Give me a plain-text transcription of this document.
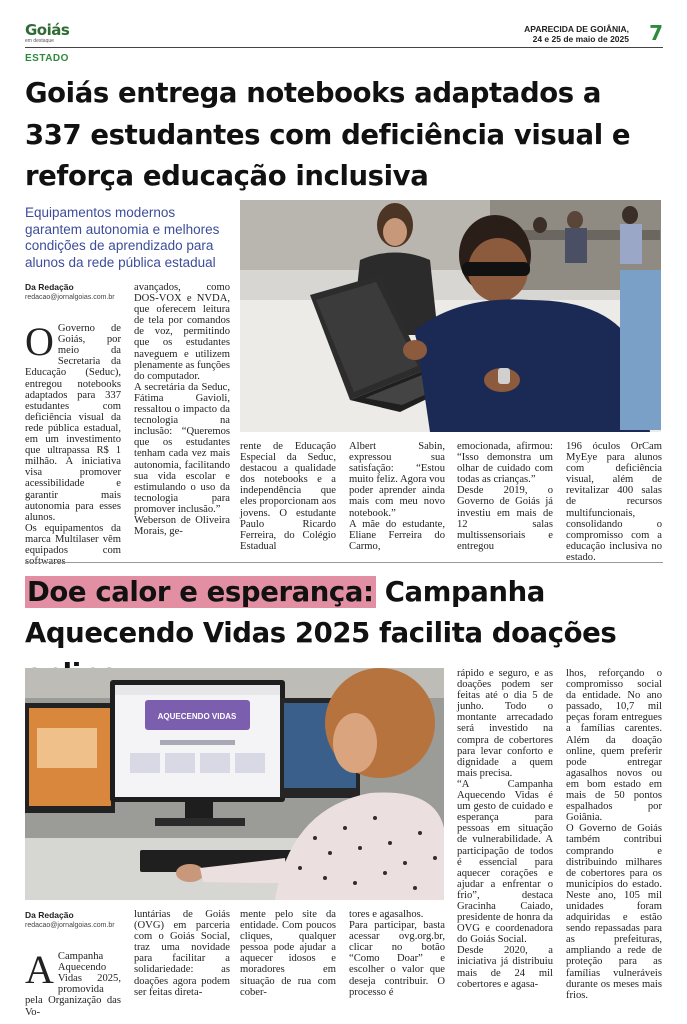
Goiás
em destaque
APARECIDA DE GOIÂNIA,
24 e 25 de maio de 2025 7
ESTADO
Goiás entrega notebooks adaptados a 337 estudantes com deficiência visual e reforça educação inclusiva
Equipamentos modernos garantem autonomia e melhores condições de aprendizado para alunos da rede pública estadual
Da Redação
redacao@jornalgoias.com.br

O Governo de Goiás, por meio da Secretaria da Educação (Seduc), entregou notebooks adaptados para 337 estudantes com deficiência visual da rede pública estadual, em um investimento que ultrapassa R$ 1 milhão. A iniciativa visa promover acessibilidade e garantir mais autonomia para esses alunos.
Os equipamentos da marca Multilaser vêm equipados com softwares

avançados, como DOS-VOX e NVDA, que oferecem leitura de tela por comandos de voz, permitindo que os estudantes naveguem e utilizem plenamente as funções do computador.
A secretária da Seduc, Fátima Gavioli, ressaltou o impacto da tecnologia na inclusão: “Queremos que os estudantes tenham cada vez mais autonomia, facilitando sua vida escolar e estimulando o uso da tecnologia para promover inclusão.”
Weberson de Oliveira Morais, ge-
rente de Educação Especial da Seduc, destacou a qualidade dos notebooks e a independência que eles proporcionam aos jovens. O estudante Paulo Ricardo Ferreira, do Colégio Estadual
Albert Sabin, expressou sua satisfação: “Estou muito feliz. Agora vou poder aprender ainda mais com meu novo notebook.”
A mãe do estudante, Eliane Ferreira do Carmo,
emocionada, afirmou: “Isso demonstra um olhar de cuidado com todas as crianças.”
Desde 2019, o Governo de Goiás já investiu em mais de 12 salas multissensoriais e entregou
196 óculos OrCam MyEye para alunos com deficiência visual, além de revitalizar 400 salas de recursos multifuncionais, consolidando o compromisso com a educação inclusiva no estado.
Doe calor e esperança: Campanha Aquecendo Vidas 2025 facilita doações
AQUECENDO VIDAS
Da Redação
redacao@jornalgoias.com.br

A Campanha Aquecendo Vidas 2025, promovida pela Organização das Vo-

luntárias de Goiás (OVG) em parceria com o Goiás Social, traz uma novidade para facilitar a solidariedade: as doações agora podem ser feitas direta-
mente pelo site da entidade. Com poucos cliques, qualquer pessoa pode ajudar a aquecer idosos e moradores em situação de rua com cober-
tores e agasalhos.
Para participar, basta acessar ovg.org.br, clicar no botão “Como Doar” e escolher o valor que deseja contribuir. O processo é
rápido e seguro, e as doações podem ser feitas até o dia 5 de junho. Todo o montante arrecadado será investido na compra de cobertores para levar conforto e dignidade a quem mais precisa.
“A Campanha Aquecendo Vidas é um gesto de cuidado e esperança para pessoas em situação de vulnerabilidade. A participação de todos é essencial para aquecer corações e ajudar a enfrentar o frio”, destaca Gracinha Caiado, presidente de honra da OVG e coordenadora do Goiás Social.
Desde 2020, a iniciativa já distribuiu mais de 24 mil cobertores e agasa-
lhos, reforçando o compromisso social da entidade. No ano passado, 10,7 mil peças foram entregues a famílias carentes. Além da doação online, quem preferir pode entregar agasalhos novos ou em bom estado em mais de 50 pontos espalhados por Goiânia.
O Governo de Goiás também contribui comprando e distribuindo milhares de cobertores para os municípios do estado. Neste ano, 105 mil unidades foram adquiridas e estão sendo repassadas para as prefeituras, ampliando a rede de proteção para as famílias vulneráveis durante os meses mais frios.
